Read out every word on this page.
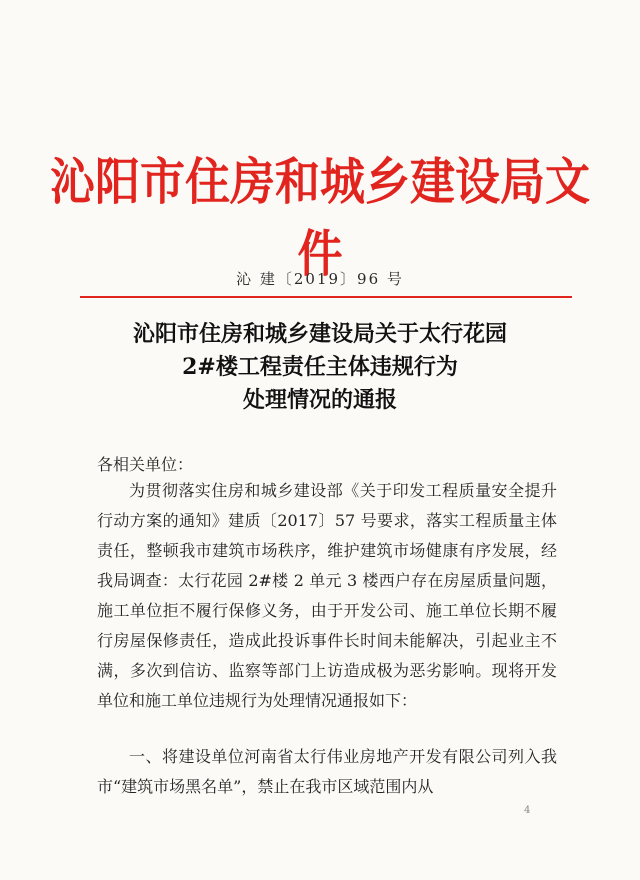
沁阳市住房和城乡建设局文件
沁 建〔2019〕96 号
沁阳市住房和城乡建设局关于太行花园
2#楼工程责任主体违规行为
处理情况的通报
各相关单位：
为贯彻落实住房和城乡建设部《关于印发工程质量安全提升行动方案的通知》建质〔2017〕57 号要求，落实工程质量主体责任，整顿我市建筑市场秩序，维护建筑市场健康有序发展，经我局调查：太行花园 2#楼 2 单元 3 楼西户存在房屋质量问题，施工单位拒不履行保修义务，由于开发公司、施工单位长期不履行房屋保修责任，造成此投诉事件长时间未能解决，引起业主不满，多次到信访、监察等部门上访造成极为恶劣影响。现将开发单位和施工单位违规行为处理情况通报如下：
一、将建设单位河南省太行伟业房地产开发有限公司列入我市“建筑市场黑名单”，禁止在我市区域范围内从
4
